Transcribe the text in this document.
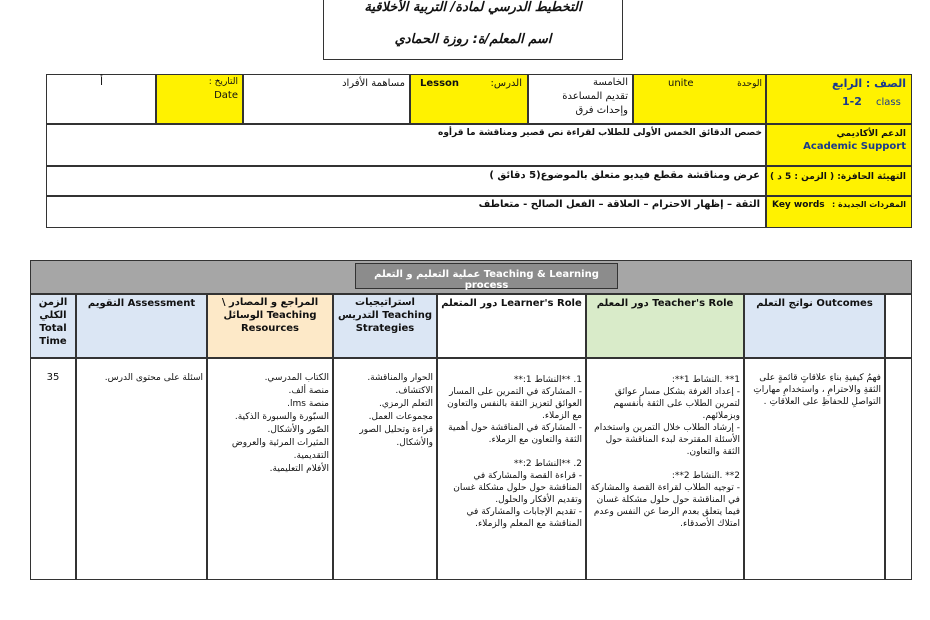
التخطيط الدرسي لمادة/ التربية الأخلاقية
اسم المعلم/ة: روزة الحمادي
الصف : الرابع
1-2	class
الوحدة
unite
الخامسة
تقديم المساعدة
وإحداث فرق
الدرس:
Lesson
مساهمة الأفراد
التاريخ :
Date
أ
الدعم الأكاديمي
Academic Support
خصص الدقائق الخمس الأولى للطلاب لقراءة نص قصير ومناقشة ما قرأوه
التهيئة الحافزة: ( الزمن : 5 د )
عرض ومناقشة مقطع فيديو متعلق بالموضوع(5 دقائق )
المفردات الجديدة :
Key words
الثقة – إظهار الاحترام – العلاقة – الفعل الصالح - متعاطف
عملية التعليم و التعلم Teaching & Learning process
نواتج التعلم Outcomes
دور المعلم Teacher's Role
دور المتعلم Learner's Role
استراتيجيات التدريس Teaching Strategies
المراجع و المصادر \ الوسائل Teaching Resources
التقويم Assessment
الزمن الكلي Total Time
فهمُ كيفيةِ بناءِ علاقاتٍ قائمةٍ على الثقةِ والاحترامِ ، واستخدامِ مهاراتِ التواصلِ للحفاظِ على العلاقاتِ .
1** .النشاط 1**:
- إعداد الغرفة بشكل مسار عوائق لتمرين الطلاب على الثقة بأنفسهم وبزملائهم.
- إرشاد الطلاب خلال التمرين واستخدام الأسئلة المقترحة لبدء المناقشة حول الثقة والتعاون.

2** .النشاط 2**:
- توجيه الطلاب لقراءة القصة والمشاركة في المناقشة حول حلول مشكلة غسان فيما يتعلق بعدم الرضا عن النفس وعدم امتلاك الأصدقاء.
1. **النشاط 1:**
- المشاركة في التمرين على المسار العوائق لتعزيز الثقة بالنفس والتعاون مع الزملاء.
- المشاركة في المناقشة حول أهمية الثقة والتعاون مع الزملاء.

2. **النشاط 2:**
- قراءة القصة والمشاركة في المناقشة حول حلول مشكلة غسان وتقديم الأفكار والحلول.
- تقديم الإجابات والمشاركة في المناقشة مع المعلم والزملاء.
الحوار والمناقشة.
الاكتشاف.
التعلم الرمزي.
مجموعات العمل.
قراءة وتحليل الصور والأشكال.
الكتاب المدرسي.
منصة ألف.
منصة lms.
السبّورة والسبورة الذكية.
الصّور والأشكال.
المثيرات المرئية والعروض التقديمية.
الأفلام التعليمية.
اسئلة على محتوى الدرس.
35
